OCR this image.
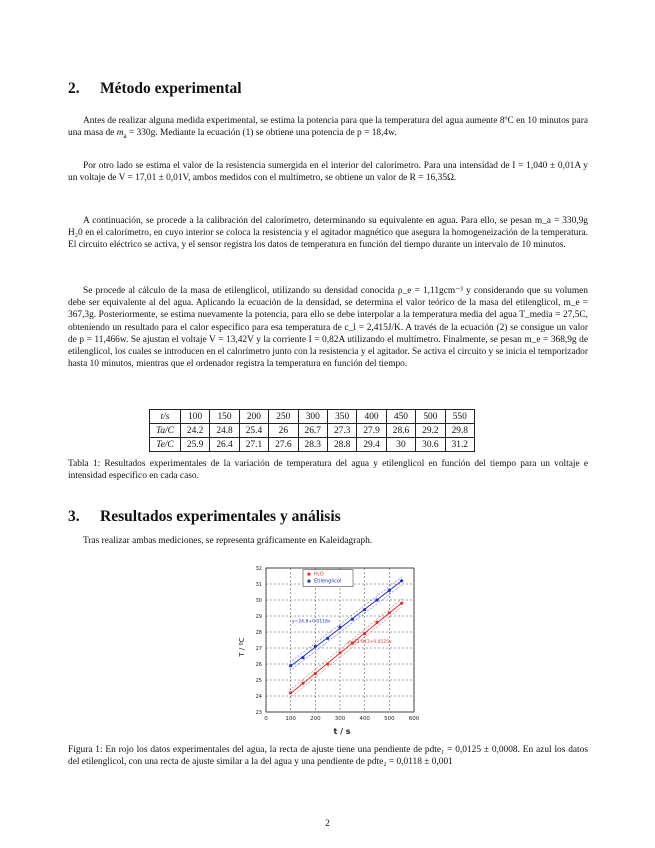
2. Método experimental

Antes de realizar alguna medida experimental, se estima la potencia para que la temperatura del agua aumente 8ºC en 10 minutos para una masa de $m_a = 330g$. Mediante la ecuación (1) se obtiene una potencia de p = 18,4w.

Por otro lado se estima el valor de la resistencia sumergida en el interior del calorímetro. Para una intensidad de I = 1,040 ± 0,01A y un voltaje de V = 17,01 ± 0,01V, ambos medidos con el multímetro, se obtiene un valor de R = 16,35Ω.

A continuación, se procede a la calibración del calorímetro, determinando su equivalente en agua. Para ello, se pesan m_a = 330,9g H₂0 en el calorímetro, en cuyo interior se coloca la resistencia y el agitador magnético que asegura la homogeneización de la temperatura. El circuito eléctrico se activa, y el sensor registra los datos de temperatura en función del tiempo durante un intervalo de 10 minutos.

Se procede al cálculo de la masa de etilenglicol, utilizando su densidad conocida ρ_e = 1,11gcm⁻³ y considerando que su volumen debe ser equivalente al del agua. Aplicando la ecuación de la densidad, se determina el valor teórico de la masa del etilenglicol, m_e = 367,3g. Posteriormente, se estima nuevamente la potencia, para ello se debe interpolar a la temperatura media del agua T_media = 27,5C, obteniendo un resultado para el calor específico para esa temperatura de c_l = 2,415J/K. A través de la ecuación (2) se consigue un valor de p = 11,466w. Se ajustan el voltaje V = 13,42V y la corriente I = 0,82A utilizando el multímetro. Finalmente, se pesan m_e = 368,9g de etilenglicol, los cuales se introducen en el calorímetro junto con la resistencia y el agitador. Se activa el circuito y se inicia el temporizador hasta 10 minutos, mientras que el ordenador registra la temperatura en función del tiempo.

t/s	100	150	200	250	300	350	400	450	500	550
Ta/C	24.2	24.8	25.4	26	26.7	27.3	27.9	28.6	29.2	29.8
Te/C	25.9	26.4	27.1	27.6	28.3	28.8	29.4	30	30.6	31.2

Tabla 1: Resultados experimentales de la variación de temperatura del agua y etilenglicol en función del tiempo para un voltaje e intensidad específico en cada caso.

3. Resultados experimentales y análisis

Tras realizar ambas mediciones, se representa gráficamente en Kaleidagraph.

0	100	200	300	400	500	600
23
24
25
26
27
28
29
30
31
32
y=22.943+0.0125x
y=24.8+0.0118x
H₂O
Etilenglicol
T / ºC
t / s

Figura 1: En rojo los datos experimentales del agua, la recta de ajuste tiene una pendiente de pdte₁ = 0,0125 ± 0,0008. En azul los datos del etilenglicol, con una recta de ajuste similar a la del agua y una pendiente de pdte₂ = 0,0118 ± 0,001

2
